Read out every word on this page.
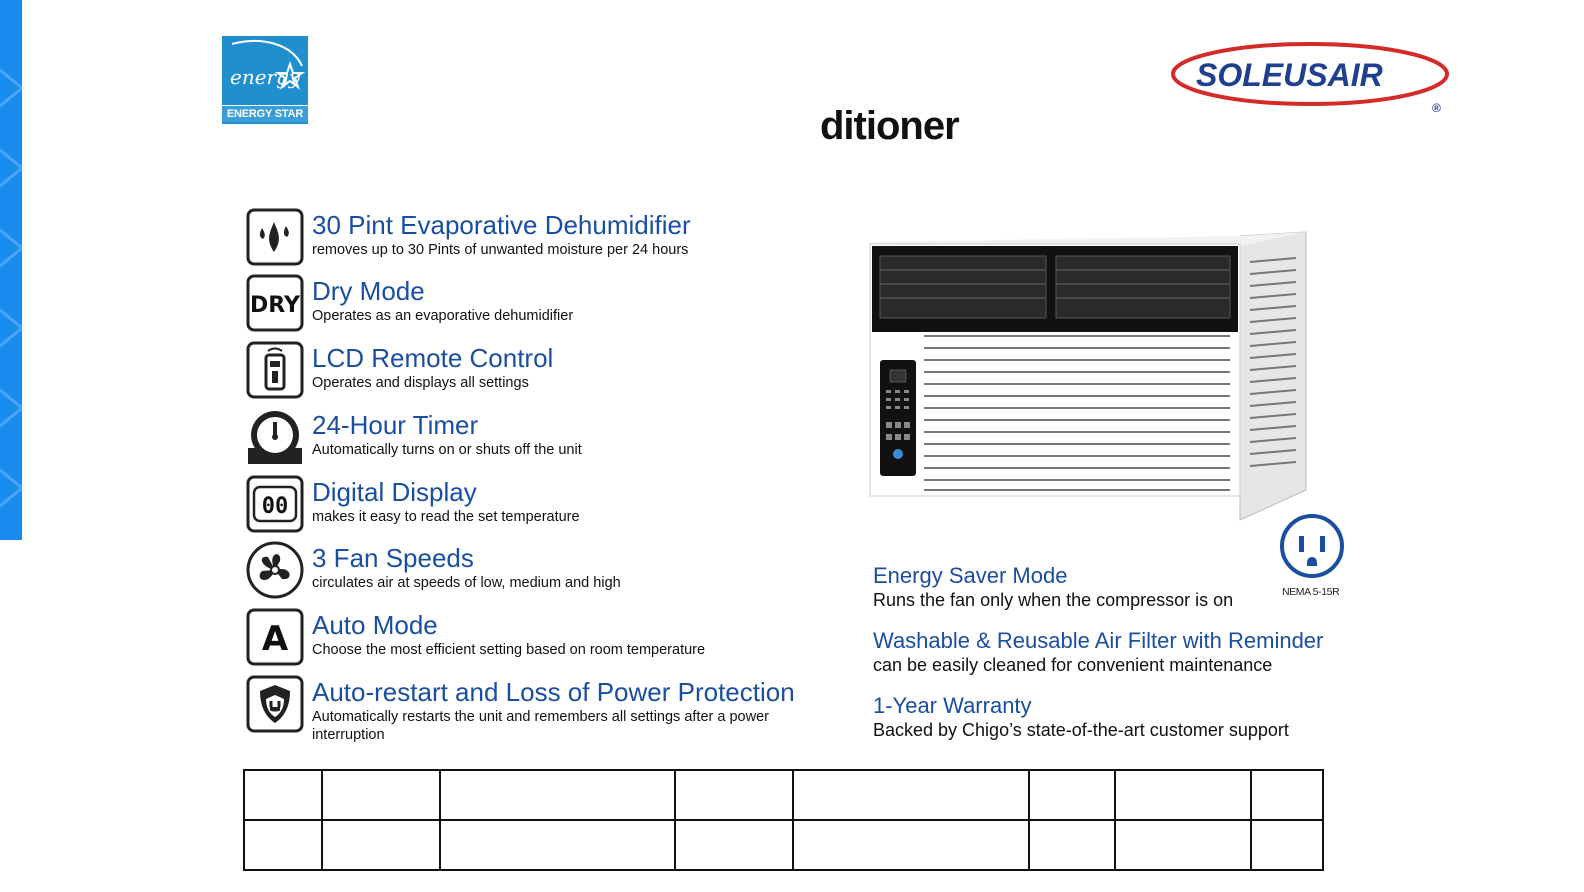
energy
ENERGY STAR
SOLEUSAIR
®
ditioner
30 Pint Evaporative Dehumidifier
removes up to 30 Pints of unwanted moisture per 24 hours
DRY Dry Mode
Operates as an evaporative dehumidifier
LCD Remote Control
Operates and displays all settings
24-Hour Timer
Automatically turns on or shuts off the unit
00 Digital Display
makes it easy to read the set temperature
3 Fan Speeds
circulates air at speeds of low, medium and high
A Auto Mode
Choose the most efficient setting based on room temperature
Auto-restart and Loss of Power Protection
Automatically restarts the unit and remembers all settings after a power interruption
NEMA 5-15R
Energy Saver Mode
Runs the fan only when the compressor is on
Washable & Reusable Air Filter with Reminder
can be easily cleaned for convenient maintenance
1-Year Warranty
Backed by Chigo’s state-of-the-art customer support
